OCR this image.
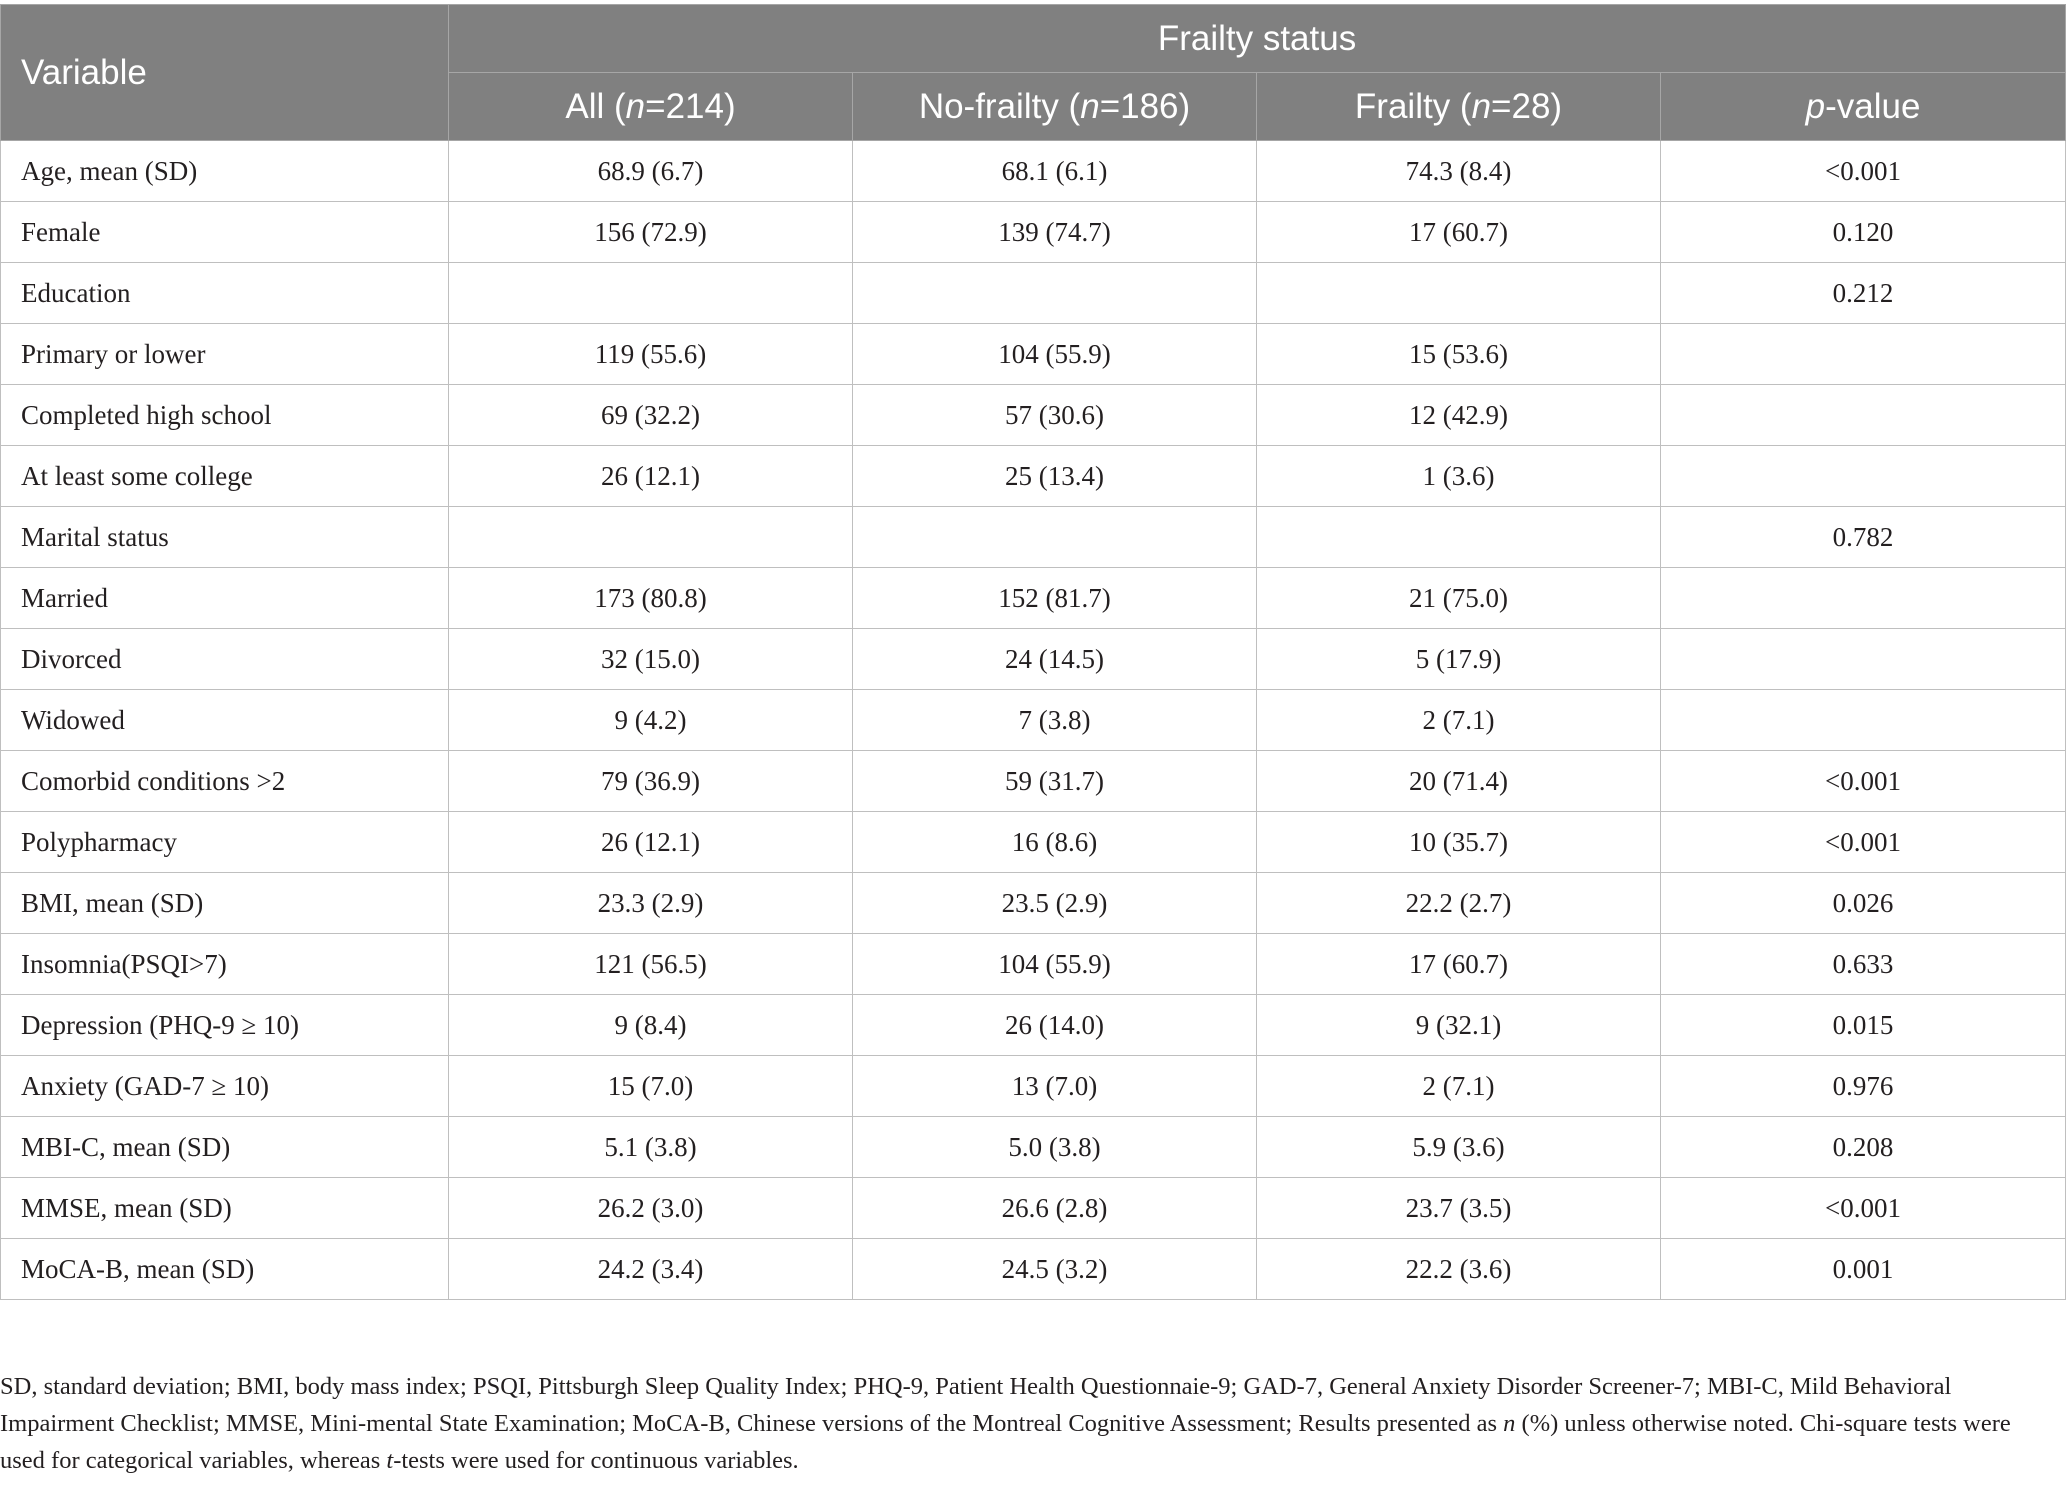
Variable	Frailty status			
	All (n=214)	No-frailty (n=186)	Frailty (n=28)	p-value
Age, mean (SD)	68.9 (6.7)	68.1 (6.1)	74.3 (8.4)	<0.001
Female	156 (72.9)	139 (74.7)	17 (60.7)	0.120
Education				0.212
Primary or lower	119 (55.6)	104 (55.9)	15 (53.6)	
Completed high school	69 (32.2)	57 (30.6)	12 (42.9)	
At least some college	26 (12.1)	25 (13.4)	1 (3.6)	
Marital status				0.782
Married	173 (80.8)	152 (81.7)	21 (75.0)	
Divorced	32 (15.0)	24 (14.5)	5 (17.9)	
Widowed	9 (4.2)	7 (3.8)	2 (7.1)	
Comorbid conditions >2	79 (36.9)	59 (31.7)	20 (71.4)	<0.001
Polypharmacy	26 (12.1)	16 (8.6)	10 (35.7)	<0.001
BMI, mean (SD)	23.3 (2.9)	23.5 (2.9)	22.2 (2.7)	0.026
Insomnia(PSQI>7)	121 (56.5)	104 (55.9)	17 (60.7)	0.633
Depression (PHQ-9 ≥ 10)	9 (8.4)	26 (14.0)	9 (32.1)	0.015
Anxiety (GAD-7 ≥ 10)	15 (7.0)	13 (7.0)	2 (7.1)	0.976
MBI-C, mean (SD)	5.1 (3.8)	5.0 (3.8)	5.9 (3.6)	0.208
MMSE, mean (SD)	26.2 (3.0)	26.6 (2.8)	23.7 (3.5)	<0.001
MoCA-B, mean (SD)	24.2 (3.4)	24.5 (3.2)	22.2 (3.6)	0.001
SD, standard deviation; BMI, body mass index; PSQI, Pittsburgh Sleep Quality Index; PHQ-9, Patient Health Questionnaie-9; GAD-7, General Anxiety Disorder Screener-7; MBI-C, Mild Behavioral Impairment Checklist; MMSE, Mini-mental State Examination; MoCA-B, Chinese versions of the Montreal Cognitive Assessment; Results presented as n (%) unless otherwise noted. Chi-square tests were used for categorical variables, whereas t-tests were used for continuous variables.
